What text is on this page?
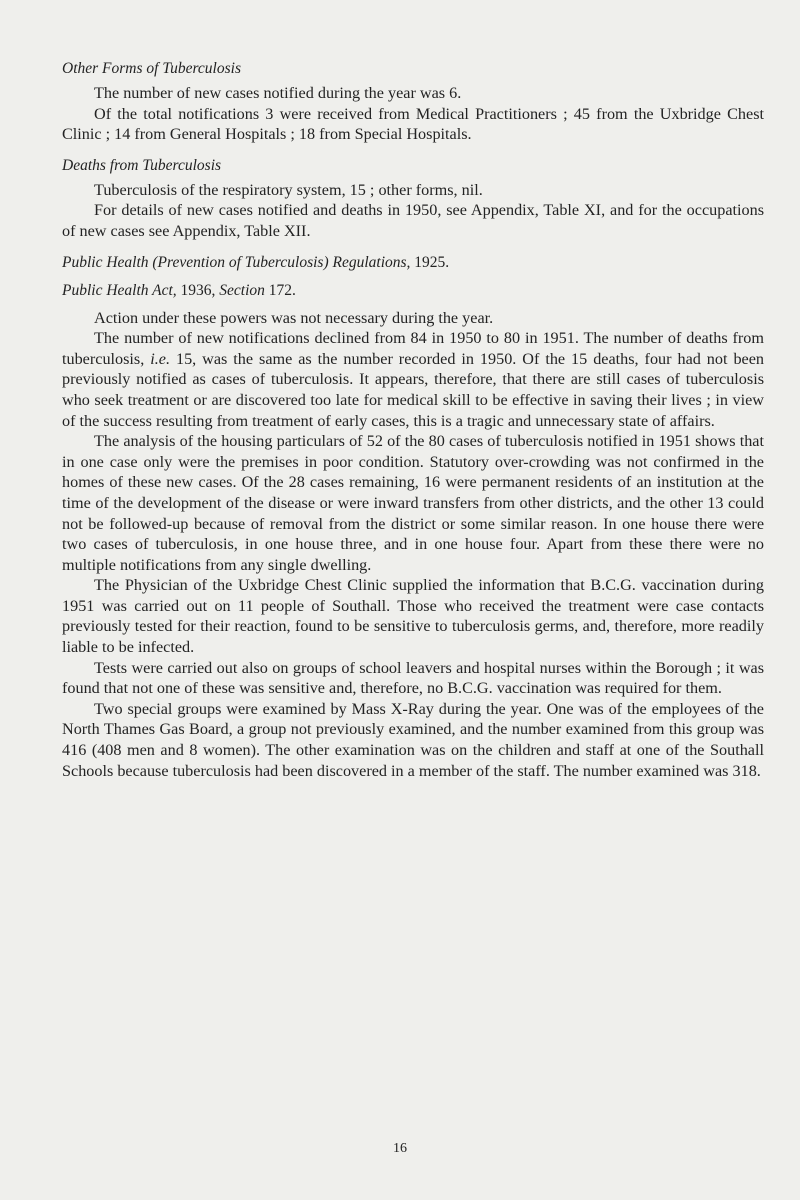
Other Forms of Tuberculosis

The number of new cases notified during the year was 6.

Of the total notifications 3 were received from Medical Practitioners ; 45 from the Uxbridge Chest Clinic ; 14 from General Hospitals ; 18 from Special Hospitals.

Deaths from Tuberculosis

Tuberculosis of the respiratory system, 15 ; other forms, nil.

For details of new cases notified and deaths in 1950, see Appendix, Table XI, and for the occupations of new cases see Appendix, Table XII.

Public Health (Prevention of Tuberculosis) Regulations, 1925.
Public Health Act, 1936, Section 172.

Action under these powers was not necessary during the year.

The number of new notifications declined from 84 in 1950 to 80 in 1951. The number of deaths from tuberculosis, i.e. 15, was the same as the number recorded in 1950. Of the 15 deaths, four had not been previously notified as cases of tuberculosis. It appears, therefore, that there are still cases of tuberculosis who seek treatment or are discovered too late for medical skill to be effective in saving their lives ; in view of the success resulting from treatment of early cases, this is a tragic and unnecessary state of affairs.

The analysis of the housing particulars of 52 of the 80 cases of tuberculosis notified in 1951 shows that in one case only were the premises in poor condition. Statutory over-crowding was not confirmed in the homes of these new cases. Of the 28 cases remaining, 16 were permanent residents of an institution at the time of the development of the disease or were inward transfers from other districts, and the other 13 could not be followed-up because of removal from the district or some similar reason. In one house there were two cases of tuberculosis, in one house three, and in one house four. Apart from these there were no multiple notifications from any single dwelling.

The Physician of the Uxbridge Chest Clinic supplied the information that B.C.G. vaccination during 1951 was carried out on 11 people of Southall. Those who received the treatment were case contacts previously tested for their reaction, found to be sensitive to tuberculosis germs, and, therefore, more readily liable to be infected.

Tests were carried out also on groups of school leavers and hospital nurses within the Borough ; it was found that not one of these was sensitive and, therefore, no B.C.G. vaccination was required for them.

Two special groups were examined by Mass X-Ray during the year. One was of the employees of the North Thames Gas Board, a group not previously examined, and the number examined from this group was 416 (408 men and 8 women). The other examination was on the children and staff at one of the Southall Schools because tuberculosis had been discovered in a member of the staff. The number examined was 318.

16
